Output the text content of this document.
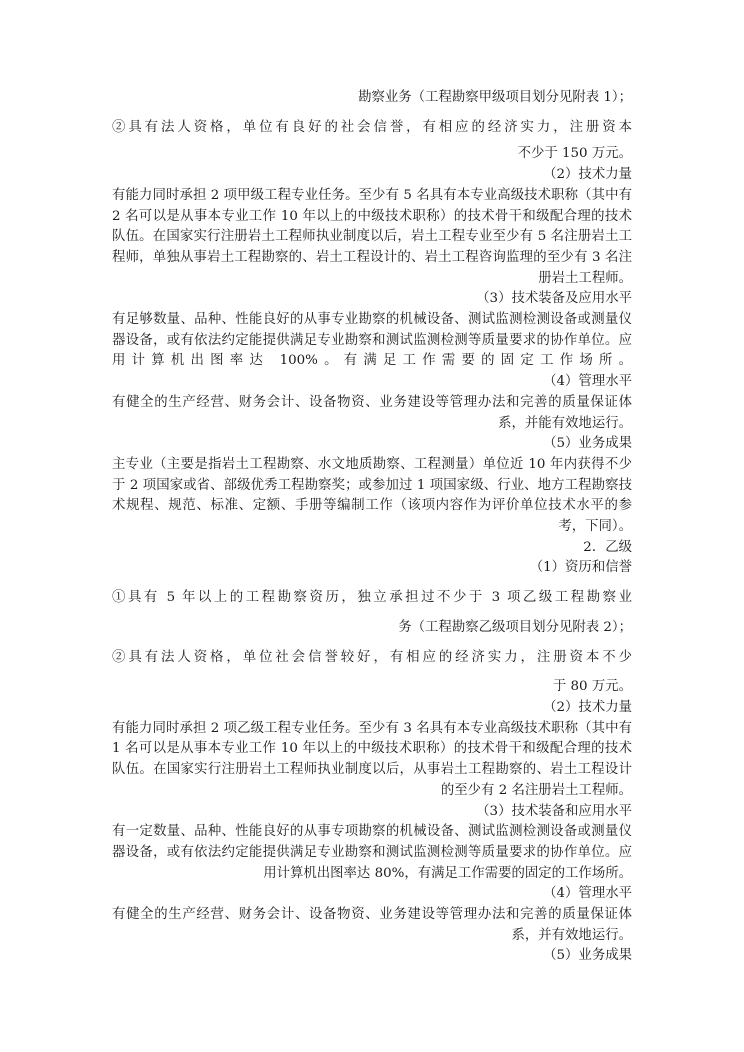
勘察业务（工程勘察甲级项目划分见附表 1）；

②具有法人资格，单位有良好的社会信誉，有相应的经济实力，注册资本

不少于 150 万元。

（2）技术力量

有能力同时承担 2 项甲级工程专业任务。至少有 5 名具有本专业高级技术职称（其中有 2 名可以是从事本专业工作 10 年以上的中级技术职称）的技术骨干和级配合理的技术队伍。在国家实行注册岩土工程师执业制度以后，岩土工程专业至少有 5 名注册岩土工程师，单独从事岩土工程勘察的、岩土工程设计的、岩土工程咨询监理的至少有 3 名注册岩土工程师。

（3）技术装备及应用水平

有足够数量、品种、性能良好的从事专业勘察的机械设备、测试监测检测设备或测量仪器设备，或有依法约定能提供满足专业勘察和测试监测检测等质量要求的协作单位。应用计算机出图率达 100%。有满足工作需要的固定工作场所。

（4）管理水平

有健全的生产经营、财务会计、设备物资、业务建设等管理办法和完善的质量保证体系，并能有效地运行。

（5）业务成果

主专业（主要是指岩土工程勘察、水文地质勘察、工程测量）单位近 10 年内获得不少于 2 项国家或省、部级优秀工程勘察奖；或参加过 1 项国家级、行业、地方工程勘察技术规程、规范、标准、定额、手册等编制工作（该项内容作为评价单位技术水平的参考，下同）。

2．乙级

（1）资历和信誉

①具有 5 年以上的工程勘察资历，独立承担过不少于 3 项乙级工程勘察业

务（工程勘察乙级项目划分见附表 2）；

②具有法人资格，单位社会信誉较好，有相应的经济实力，注册资本不少

于 80 万元。

（2）技术力量

有能力同时承担 2 项乙级工程专业任务。至少有 3 名具有本专业高级技术职称（其中有 1 名可以是从事本专业工作 10 年以上的中级技术职称）的技术骨干和级配合理的技术队伍。在国家实行注册岩土工程师执业制度以后，从事岩土工程勘察的、岩土工程设计的至少有 2 名注册岩土工程师。

（3）技术装备和应用水平

有一定数量、品种、性能良好的从事专项勘察的机械设备、测试监测检测设备或测量仪器设备，或有依法约定能提供满足专业勘察和测试监测检测等质量要求的协作单位。应用计算机出图率达 80%，有满足工作需要的固定的工作场所。

（4）管理水平

有健全的生产经营、财务会计、设备物资、业务建设等管理办法和完善的质量保证体系，并有效地运行。

（5）业务成果
